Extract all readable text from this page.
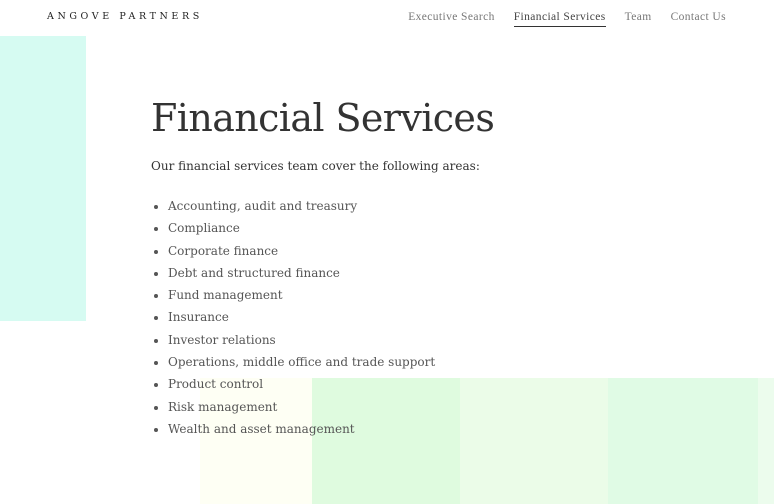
ANGOVE PARTNERS	Executive Search Financial Services Team Contact Us
Financial Services

Our financial services team cover the following areas:

• Accounting, audit and treasury
• Compliance
• Corporate finance
• Debt and structured finance
• Fund management
• Insurance
• Investor relations
• Operations, middle office and trade support
• Product control
• Risk management
• Wealth and asset management
